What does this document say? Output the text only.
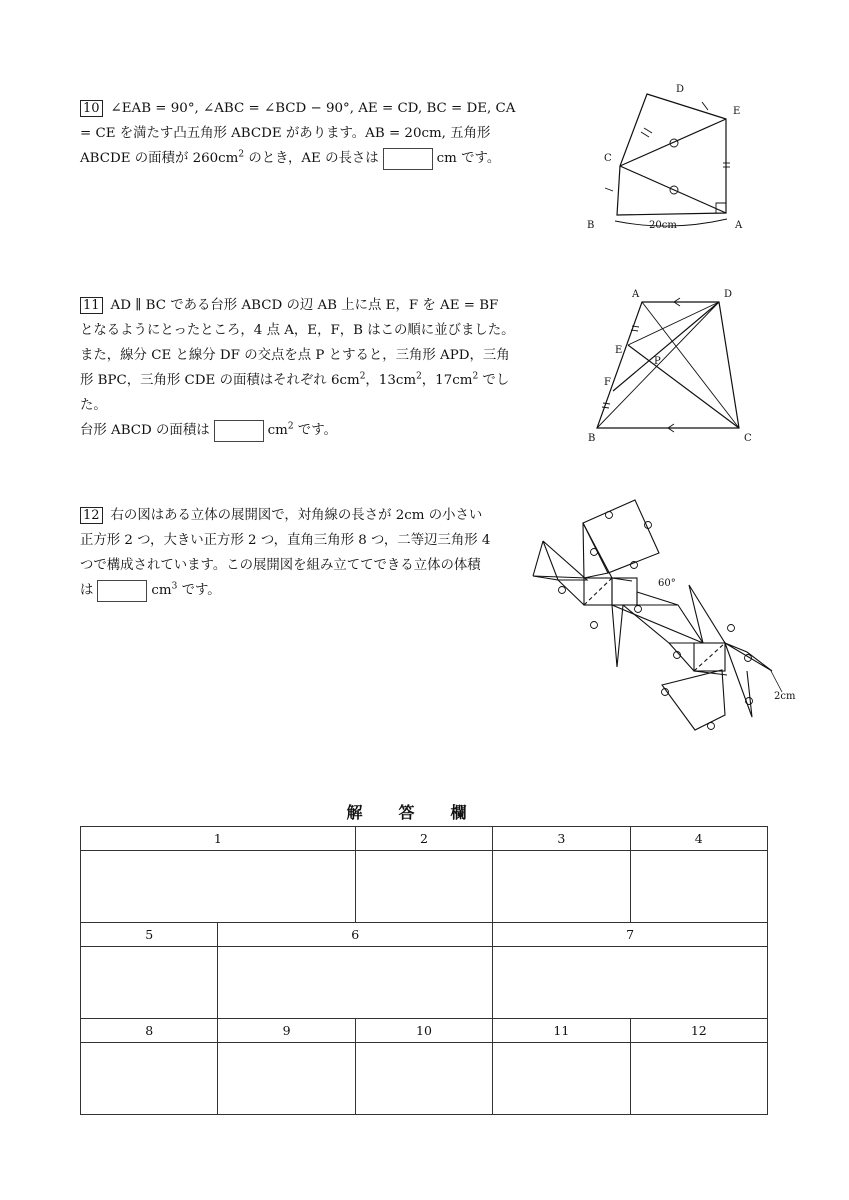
10 ∠EAB = 90°, ∠ABC = ∠BCD − 90°, AE = CD, BC = DE, CA
= CE を満たす凸五角形 ABCDE があります。AB = 20cm, 五角形
ABCDE の面積が $260cm^2$ のとき，AE の長さは	cm です。
D
E
C
B	20cm	A
11 AD ∥ BC である台形 ABCD の辺 AB 上に点 E，F を AE = BF
となるようにとったところ，4 点 A，E，F，B はこの順に並びました。
また，線分 CE と線分 DF の交点を点 P とすると，三角形 APD，三角
形 BPC，三角形 CDE の面積はそれぞれ $6cm^2$，$13cm^2$，$17cm^2$ でした。
台形 ABCD の面積は	$cm^2$ です。
A	D
E
P
F
B	C
12 右の図はある立体の展開図で，対角線の長さが 2cm の小さい
正方形 2 つ，大きい正方形 2 つ，直角三角形 8 つ，二等辺三角形 4
つで構成されています。この展開図を組み立ててできる立体の体積
は	$cm^3$ です。	60°
2cm
解答欄
1		2	3	4

5	6		7	

8	9	10	11	12
